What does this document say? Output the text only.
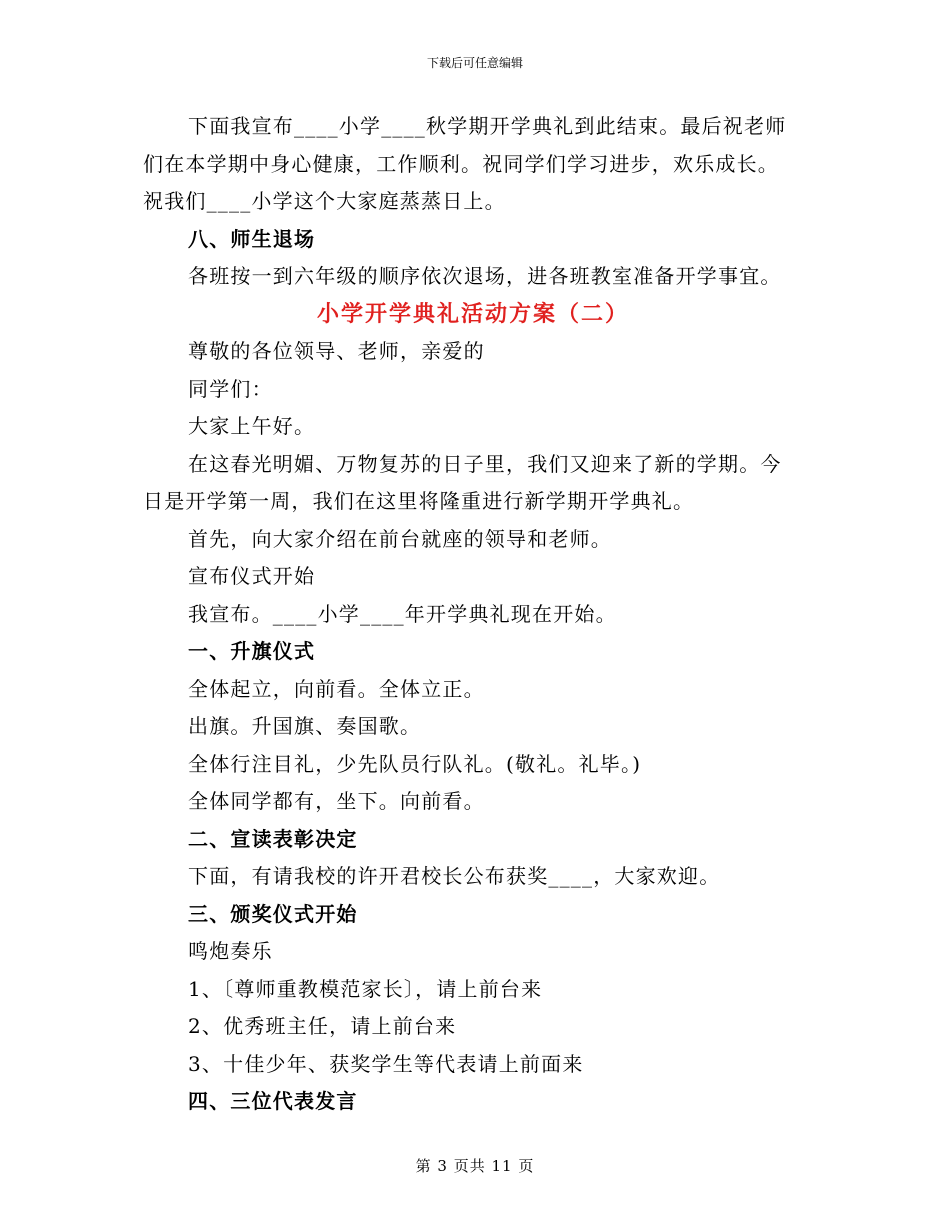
下载后可任意编辑
下面我宣布____小学____秋学期开学典礼到此结束。最后祝老师
们在本学期中身心健康，工作顺利。祝同学们学习进步，欢乐成长。
祝我们____小学这个大家庭蒸蒸日上。
八、师生退场
各班按一到六年级的顺序依次退场，进各班教室准备开学事宜。
小学开学典礼活动方案（二）
尊敬的各位领导、老师，亲爱的
同学们：
大家上午好。
在这春光明媚、万物复苏的日子里，我们又迎来了新的学期。今
日是开学第一周，我们在这里将隆重进行新学期开学典礼。
首先，向大家介绍在前台就座的领导和老师。
宣布仪式开始
我宣布。____小学____年开学典礼现在开始。
一、升旗仪式
全体起立，向前看。全体立正。
出旗。升国旗、奏国歌。
全体行注目礼，少先队员行队礼。(敬礼。礼毕。)
全体同学都有，坐下。向前看。
二、宣读表彰决定
下面，有请我校的许开君校长公布获奖____，大家欢迎。
三、颁奖仪式开始
鸣炮奏乐
1、〔尊师重教模范家长〕，请上前台来
2、优秀班主任，请上前台来
3、十佳少年、获奖学生等代表请上前面来
四、三位代表发言
第 3 页共 11 页
